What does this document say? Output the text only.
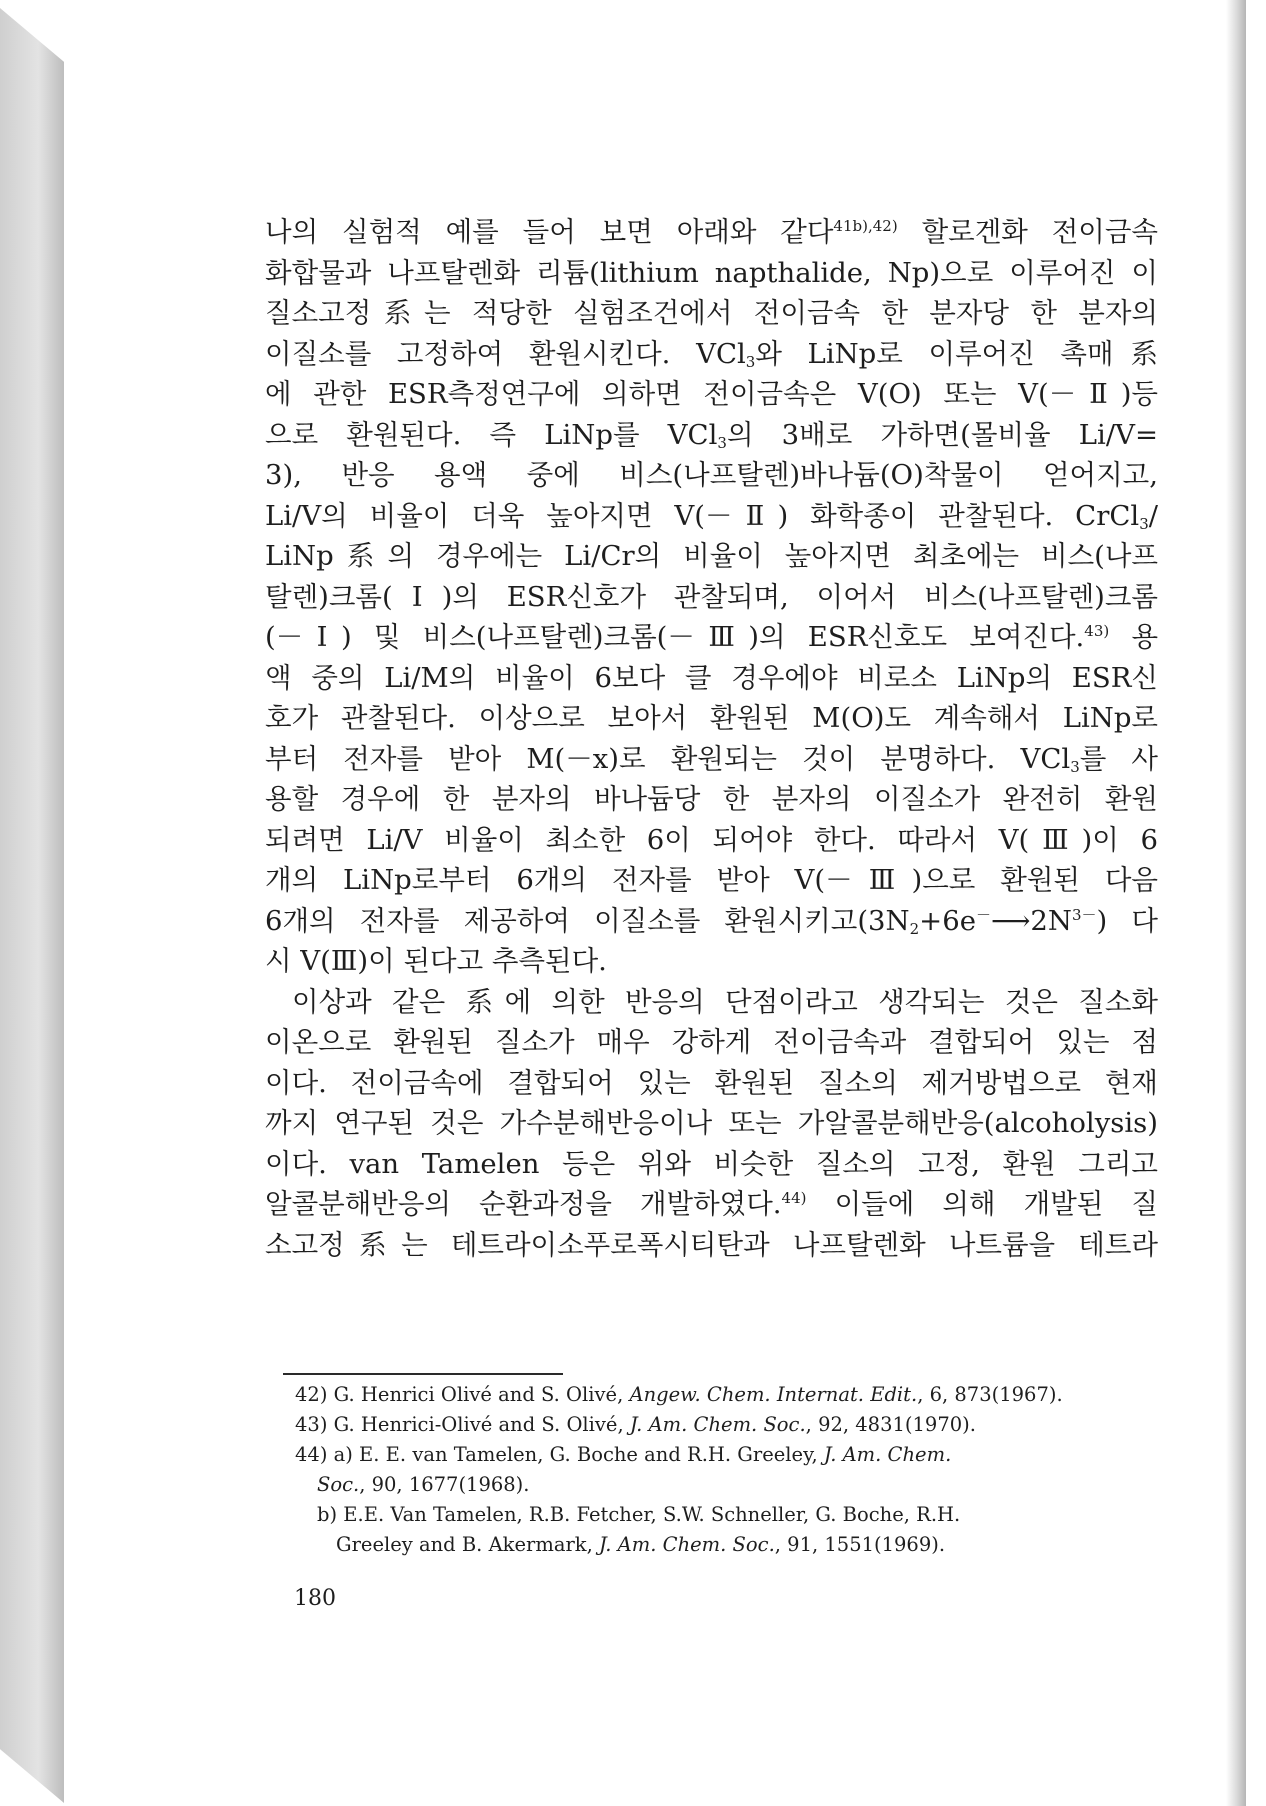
나의 실험적 예를 들어 보면 아래와 같다$^{41b),42)}$ 할로겐화 전이금속
화합물과 나프탈렌화 리튬(lithium napthalide, Np)으로 이루어진 이
질소고정系는 적당한 실험조건에서 전이금속 한 분자당 한 분자의
이질소를 고정하여 환원시킨다. VCl$_3$와 LiNp로 이루어진 촉매系
에 관한 ESR측정연구에 의하면 전이금속은 V(O) 또는 V(－Ⅱ)등
으로 환원된다. 즉 LiNp를 VCl$_3$의 3배로 가하면(몰비율 Li/V=
3), 반응 용액 중에 비스(나프탈렌)바나듐(O)착물이 얻어지고,
Li/V의 비율이 더욱 높아지면 V(－Ⅱ) 화학종이 관찰된다. CrCl$_3$/
LiNp系의 경우에는 Li/Cr의 비율이 높아지면 최초에는 비스(나프
탈렌)크롬(Ⅰ)의 ESR신호가 관찰되며, 이어서 비스(나프탈렌)크롬
(－Ⅰ) 및 비스(나프탈렌)크롬(－Ⅲ)의 ESR신호도 보여진다.$^{43)}$ 용
액 중의 Li/M의 비율이 6보다 클 경우에야 비로소 LiNp의 ESR신
호가 관찰된다. 이상으로 보아서 환원된 M(O)도 계속해서 LiNp로
부터 전자를 받아 M(－x)로 환원되는 것이 분명하다. VCl$_3$를 사
용할 경우에 한 분자의 바나듐당 한 분자의 이질소가 완전히 환원
되려면 Li/V 비율이 최소한 6이 되어야 한다. 따라서 V(Ⅲ)이 6
개의 LiNp로부터 6개의 전자를 받아 V(－Ⅲ)으로 환원된 다음
6개의 전자를 제공하여 이질소를 환원시키고$(3N_2+6e^-⟶2N^{3-})$ 다
시 V(Ⅲ)이 된다고 추측된다.
이상과 같은 系에 의한 반응의 단점이라고 생각되는 것은 질소화
이온으로 환원된 질소가 매우 강하게 전이금속과 결합되어 있는 점
이다. 전이금속에 결합되어 있는 환원된 질소의 제거방법으로 현재
까지 연구된 것은 가수분해반응이나 또는 가알콜분해반응(alcoholysis)
이다. van Tamelen 등은 위와 비슷한 질소의 고정, 환원 그리고
알콜분해반응의 순환과정을 개발하였다.$^{44)}$ 이들에 의해 개발된 질
소고정系는 테트라이소푸로폭시티탄과 나프탈렌화 나트륨을 테트라
42) G. Henrici Olivé and S. Olivé, Angew. Chem. Internat. Edit., 6, 873(1967).
43) G. Henrici-Olivé and S. Olivé, J. Am. Chem. Soc., 92, 4831(1970).
44) a) E. E. van Tamelen, G. Boche and R.H. Greeley, J. Am. Chem.
Soc., 90, 1677(1968).
b) E.E. Van Tamelen, R.B. Fetcher, S.W. Schneller, G. Boche, R.H.
Greeley and B. Akermark, J. Am. Chem. Soc., 91, 1551(1969).
180
